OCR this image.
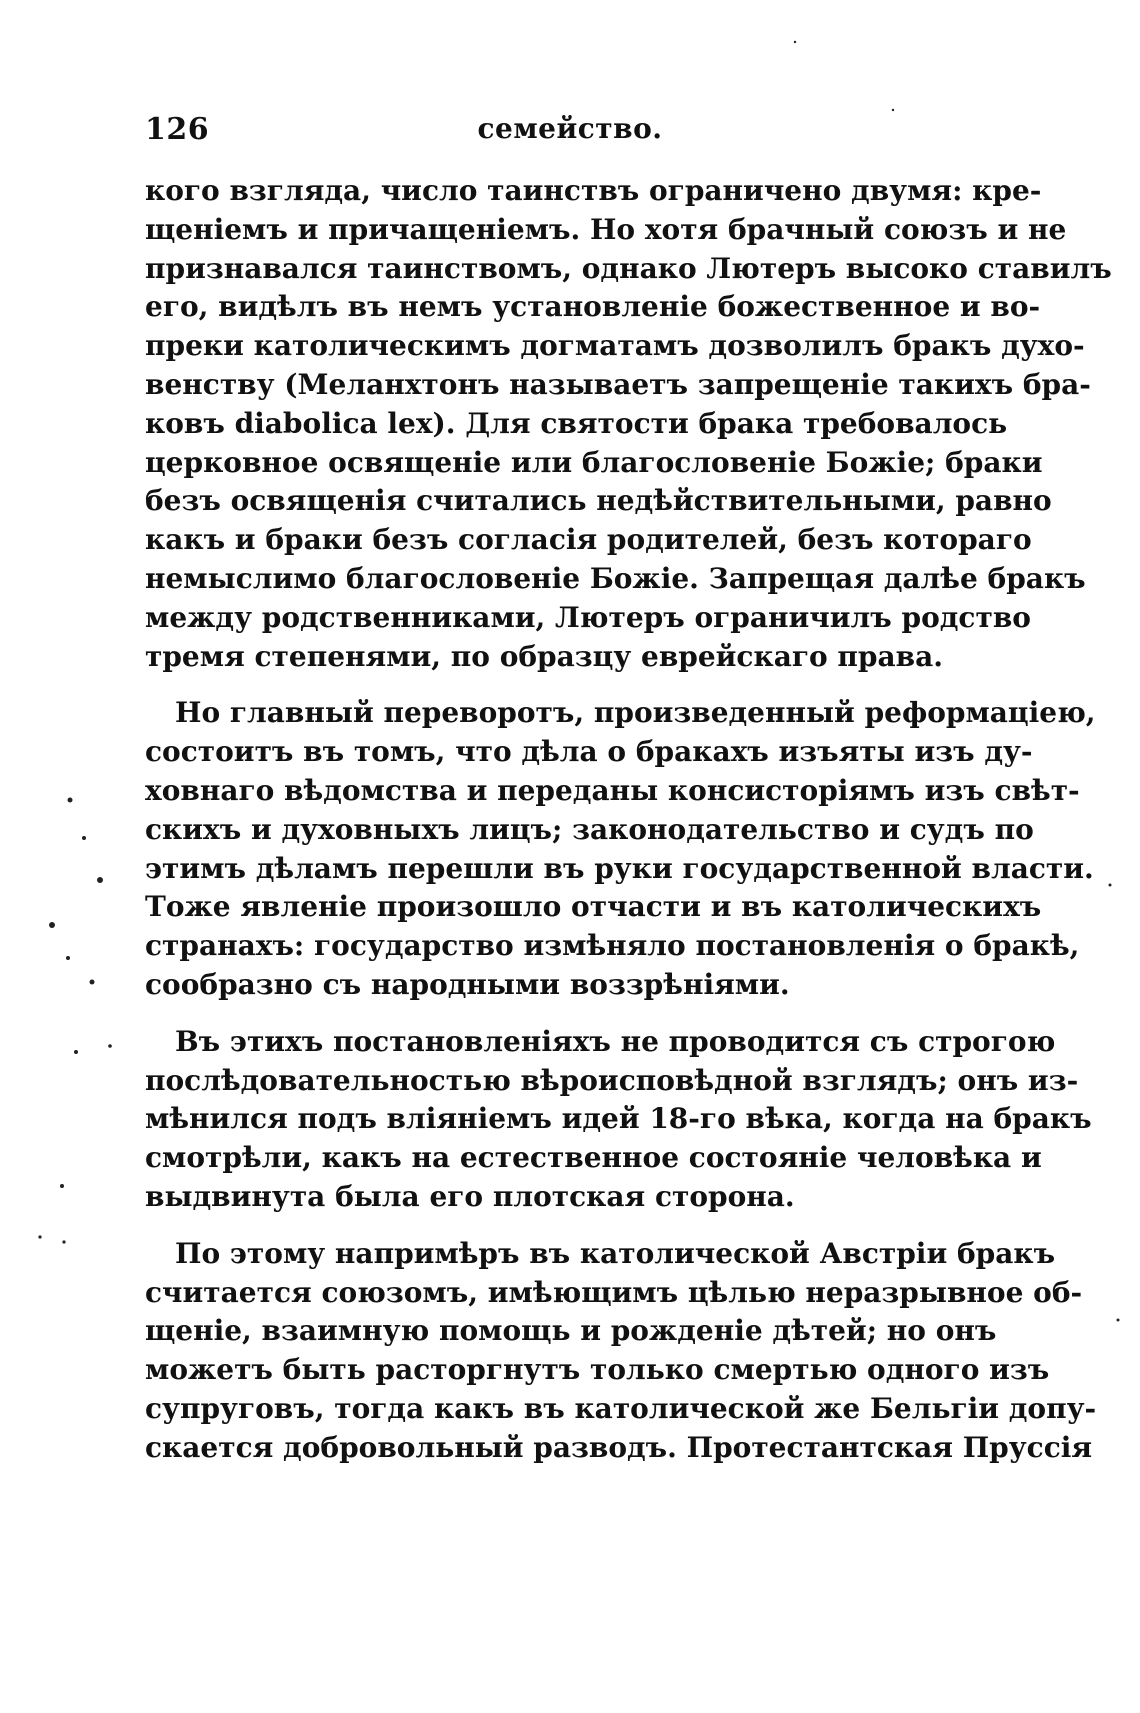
126	семейство.

кого взгляда, число таинствъ ограничено двумя: кре-
щеніемъ и причащеніемъ. Но хотя брачный союзъ и не
признавался таинствомъ, однако Лютеръ высоко ставилъ
его, видѣлъ въ немъ установленіе божественное и во-
преки католическимъ догматамъ дозволилъ бракъ духо-
венству (Меланхтонъ называетъ запрещеніе такихъ бра-
ковъ diabolica lex). Для святости брака требовалось
церковное освященіе или благословеніе Божіе; браки
безъ освященія считались недѣйствительными, равно
какъ и браки безъ согласія родителей, безъ котораго
немыслимо благословеніе Божіе. Запрещая далѣе бракъ
между родственниками, Лютеръ ограничилъ родство
тремя степенями, по образцу еврейскаго права.

Но главный переворотъ, произведенный реформаціею,
состоитъ въ томъ, что дѣла о бракахъ изъяты изъ ду-
ховнаго вѣдомства и переданы консисторіямъ изъ свѣт-
скихъ и духовныхъ лицъ; законодательство и судъ по
этимъ дѣламъ перешли въ руки государственной власти.
Тоже явленіе произошло отчасти и въ католическихъ
странахъ: государство измѣняло постановленія о бракѣ,
сообразно съ народными воззрѣніями.

Въ этихъ постановленіяхъ не проводится съ строгою
послѣдовательностью вѣроисповѣдной взглядъ; онъ из-
мѣнился подъ вліяніемъ идей 18-го вѣка, когда на бракъ
смотрѣли, какъ на естественное состояніе человѣка и
выдвинута была его плотская сторона.

По этому напримѣръ въ католической Австріи бракъ
считается союзомъ, имѣющимъ цѣлью неразрывное об-
щеніе, взаимную помощь и рожденіе дѣтей; но онъ
можетъ быть расторгнутъ только смертью одного изъ
супруговъ, тогда какъ въ католической же Бельгіи допу-
скается добровольный разводъ. Протестантская Пруссія
